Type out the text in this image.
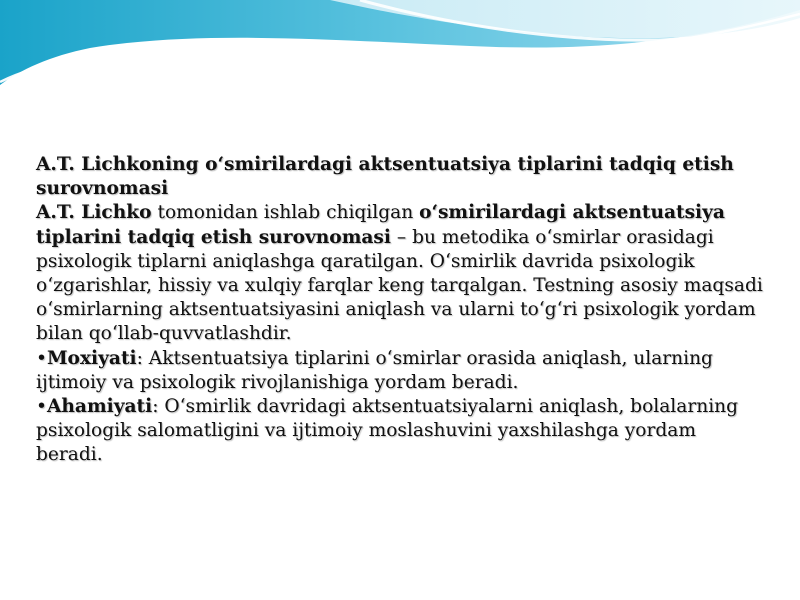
A.T. Lichkoning o‘smirilardagi aktsentuatsiya tiplarini tadqiq etish surovnomasi

A.T. Lichko tomonidan ishlab chiqilgan o‘smirilardagi aktsentuatsiya tiplarini tadqiq etish surovnomasi – bu metodika o‘smirlar orasidagi psixologik tiplarni aniqlashga qaratilgan. O‘smirlik davrida psixologik o‘zgarishlar, hissiy va xulqiy farqlar keng tarqalgan. Testning asosiy maqsadi o‘smirlarning aktsentuatsiyasini aniqlash va ularni to‘g‘ri psixologik yordam bilan qo‘llab-quvvatlashdir.

•Moxiyati: Aktsentuatsiya tiplarini o‘smirlar orasida aniqlash, ularning ijtimoiy va psixologik rivojlanishiga yordam beradi.

•Ahamiyati: O‘smirlik davridagi aktsentuatsiyalarni aniqlash, bolalarning psixologik salomatligini va ijtimoiy moslashuvini yaxshilashga yordam beradi.
